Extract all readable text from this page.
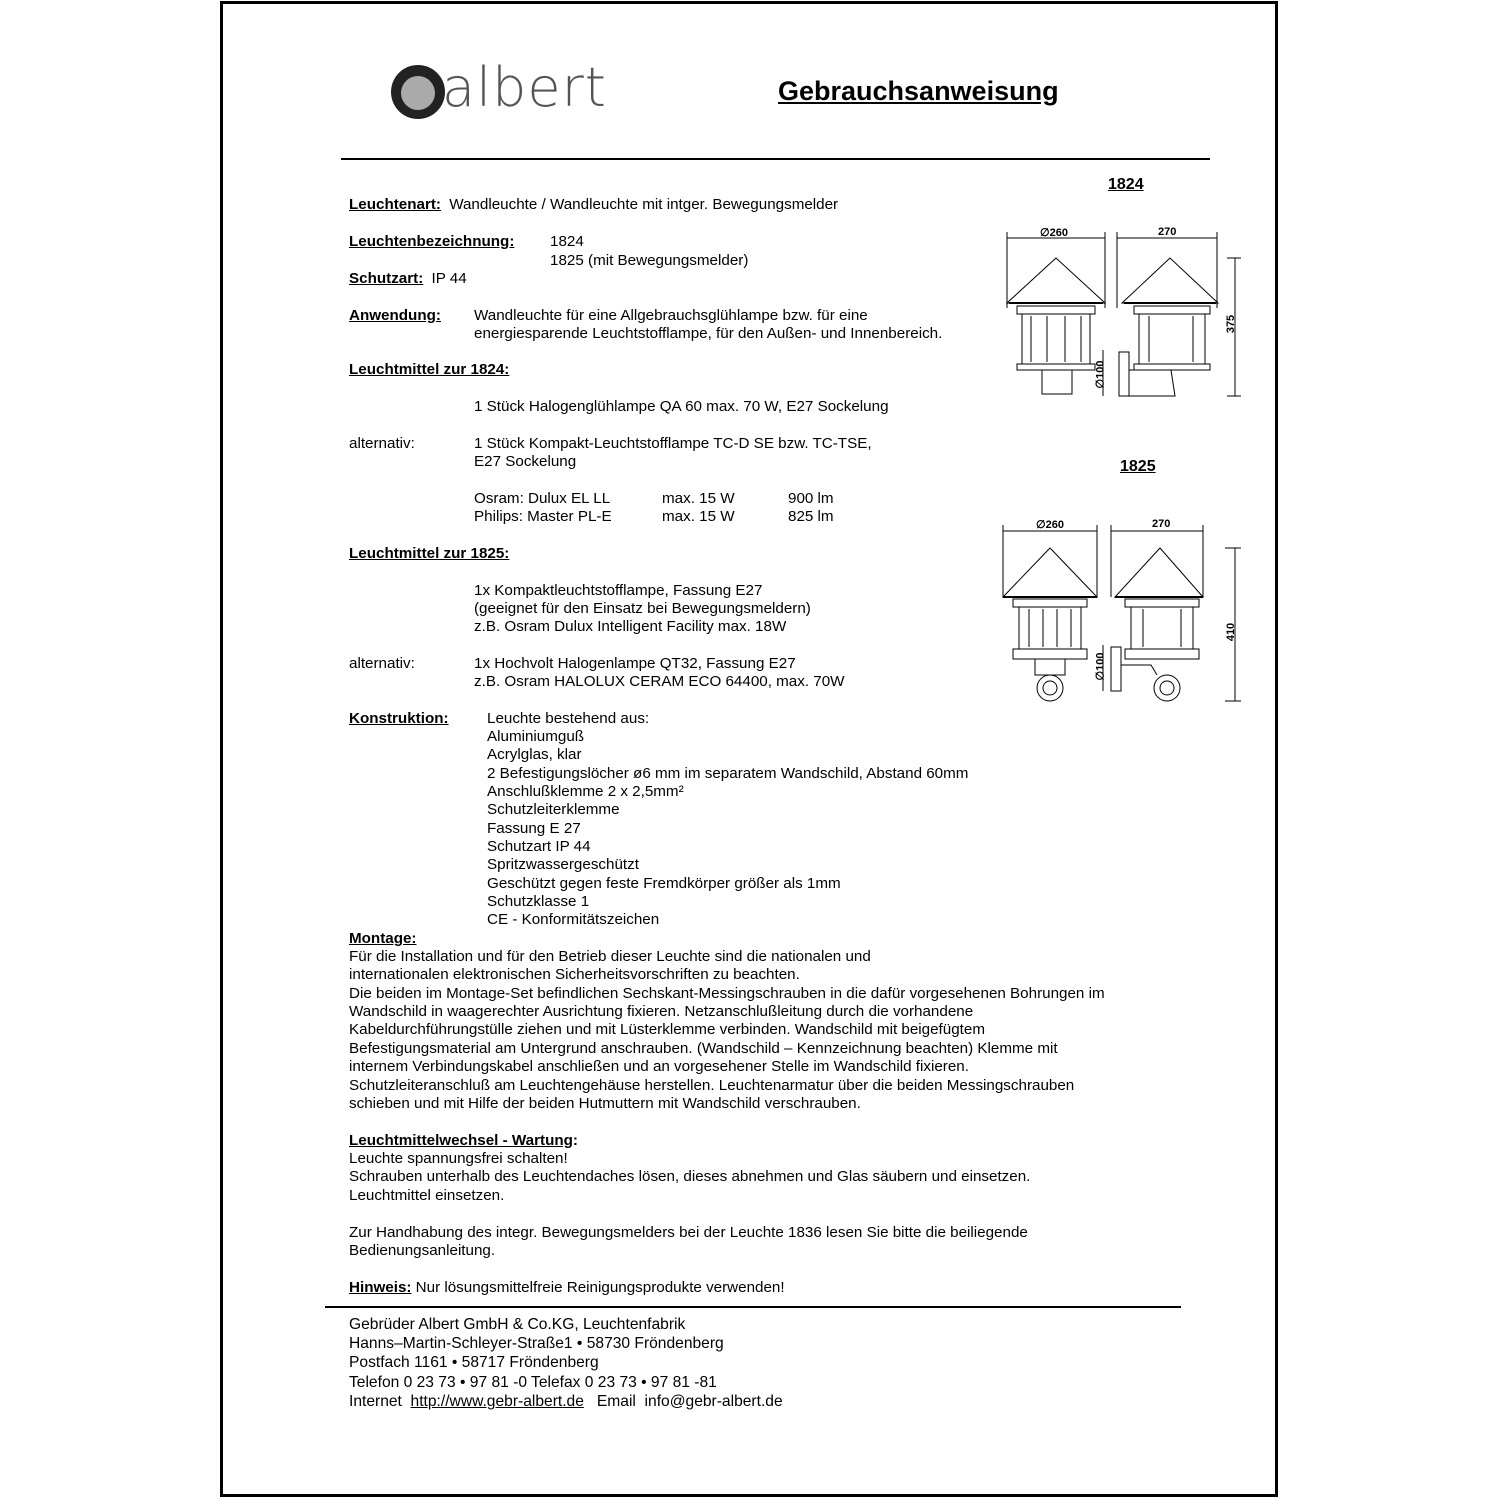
albert	Gebrauchsanweisung
Leuchtenart: Wandleuchte / Wandleuchte mit intger. Bewegungsmelder
Leuchtenbezeichnung: 1824
1825 (mit Bewegungsmelder)
Schutzart: IP 44
Anwendung: Wandleuchte für eine Allgebrauchsglühlampe bzw. für eine
energiesparende Leuchtstofflampe, für den Außen- und Innenbereich.
Leuchtmittel zur 1824:
1 Stück Halogenglühlampe QA 60 max. 70 W, E27 Sockelung
alternativ:	1 Stück Kompakt-Leuchtstofflampe TC-D SE bzw. TC-TSE,
E27 Sockelung
Osram: Dulux EL LL	max. 15 W	900 lm
Philips: Master PL-E	max. 15 W	825 lm
Leuchtmittel zur 1825:
1x Kompaktleuchtstofflampe, Fassung E27
(geeignet für den Einsatz bei Bewegungsmeldern)
z.B. Osram Dulux Intelligent Facility max. 18W
alternativ:	1x Hochvolt Halogenlampe QT32, Fassung E27
z.B. Osram HALOLUX CERAM ECO 64400, max. 70W
Konstruktion:	Leuchte bestehend aus:
Aluminiumguß
Acrylglas, klar
2 Befestigungslöcher ø6 mm im separatem Wandschild, Abstand 60mm
Anschlußklemme 2 x 2,5mm²
Schutzleiterklemme
Fassung E 27
Schutzart IP 44
Spritzwassergeschützt
Geschützt gegen feste Fremdkörper größer als 1mm
Schutzklasse 1
CE - Konformitätszeichen
Montage:
Für die Installation und für den Betrieb dieser Leuchte sind die nationalen und
internationalen elektronischen Sicherheitsvorschriften zu beachten.
Die beiden im Montage-Set befindlichen Sechskant-Messingschrauben in die dafür vorgesehenen Bohrungen im
Wandschild in waagerechter Ausrichtung fixieren. Netzanschlußleitung durch die vorhandene
Kabeldurchführungstülle ziehen und mit Lüsterklemme verbinden. Wandschild mit beigefügtem
Befestigungsmaterial am Untergrund anschrauben. (Wandschild – Kennzeichnung beachten) Klemme mit
internem Verbindungskabel anschließen und an vorgesehener Stelle im Wandschild fixieren.
Schutzleiteranschluß am Leuchtengehäuse herstellen. Leuchtenarmatur über die beiden Messingschrauben
schieben und mit Hilfe der beiden Hutmuttern mit Wandschild verschrauben.
Leuchtmittelwechsel - Wartung:
Leuchte spannungsfrei schalten!
Schrauben unterhalb des Leuchtendaches lösen, dieses abnehmen und Glas säubern und einsetzen.
Leuchtmittel einsetzen.
Zur Handhabung des integr. Bewegungsmelders bei der Leuchte 1836 lesen Sie bitte die beiliegende
Bedienungsanleitung.
Hinweis: Nur lösungsmittelfreie Reinigungsprodukte verwenden!
Gebrüder Albert GmbH & Co.KG, Leuchtenfabrik
Hanns–Martin-Schleyer-Straße1 • 58730 Fröndenberg
Postfach 1161 • 58717 Fröndenberg
Telefon 0 23 73 • 97 81 -0 Telefax 0 23 73 • 97 81 -81
Internet  http://www.gebr-albert.de   Email  info@gebr-albert.de
1824
∅260	270
375
∅100
1825
∅260	270
410
∅100
